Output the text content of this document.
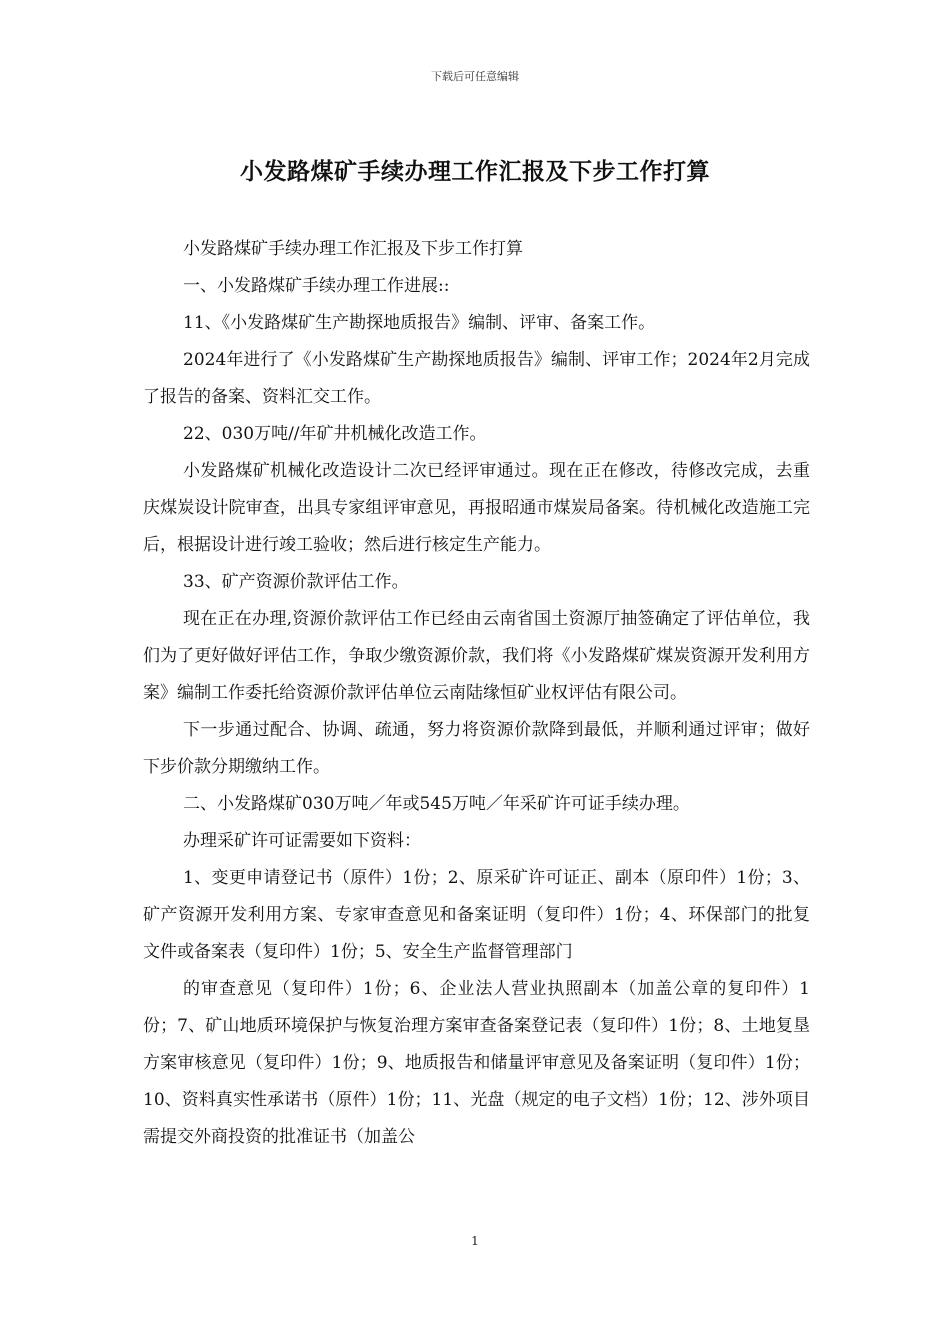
下载后可任意编辑
小发路煤矿手续办理工作汇报及下步工作打算

小发路煤矿手续办理工作汇报及下步工作打算

一、小发路煤矿手续办理工作进展::

11、《小发路煤矿生产勘探地质报告》编制、评审、备案工作。

2024年进行了《小发路煤矿生产勘探地质报告》编制、评审工作；2024年2月完成了报告的备案、资料汇交工作。

22、030万吨//年矿井机械化改造工作。

小发路煤矿机械化改造设计二次已经评审通过。现在正在修改，待修改完成，去重庆煤炭设计院审查，出具专家组评审意见，再报昭通市煤炭局备案。待机械化改造施工完后，根据设计进行竣工验收；然后进行核定生产能力。

33、矿产资源价款评估工作。

现在正在办理,资源价款评估工作已经由云南省国土资源厅抽签确定了评估单位，我们为了更好做好评估工作，争取少缴资源价款，我们将《小发路煤矿煤炭资源开发利用方案》编制工作委托给资源价款评估单位云南陆缘恒矿业权评估有限公司。

下一步通过配合、协调、疏通，努力将资源价款降到最低，并顺利通过评审；做好下步价款分期缴纳工作。

二、小发路煤矿030万吨／年或545万吨／年采矿许可证手续办理。

办理采矿许可证需要如下资料：

1、变更申请登记书（原件）1份；2、原采矿许可证正、副本（原印件）1份；3、矿产资源开发利用方案、专家审查意见和备案证明（复印件）1份；4、环保部门的批复文件或备案表（复印件）1份；5、安全生产监督管理部门

的审查意见（复印件）1份；6、企业法人营业执照副本（加盖公章的复印件）1份；7、矿山地质环境保护与恢复治理方案审查备案登记表（复印件）1份；8、土地复垦方案审核意见（复印件）1份；9、地质报告和储量评审意见及备案证明（复印件）1份；10、资料真实性承诺书（原件）1份；11、光盘（规定的电子文档）1份；12、涉外项目需提交外商投资的批准证书（加盖公

1
